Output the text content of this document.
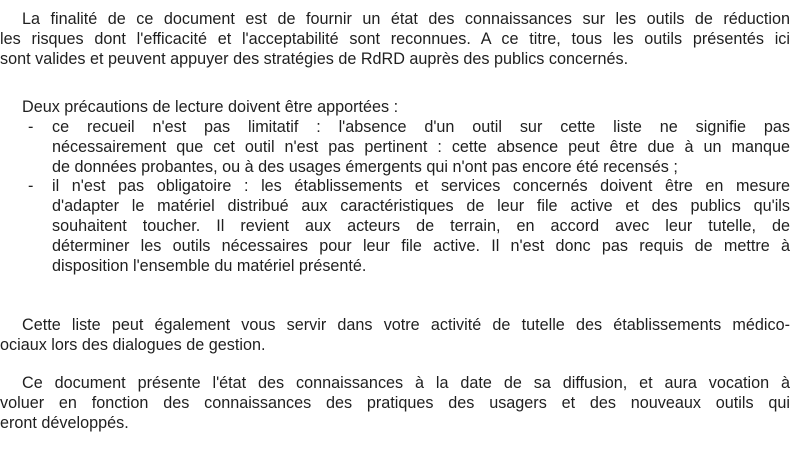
La finalité de ce document est de fournir un état des connaissances sur les outils de réduction
les risques dont l'efficacité et l'acceptabilité sont reconnues. A ce titre, tous les outils présentés ici
sont valides et peuvent appuyer des stratégies de RdRD auprès des publics concernés.

Deux précautions de lecture doivent être apportées :

- ce recueil n'est pas limitatif : l'absence d'un outil sur cette liste ne signifie pas
nécessairement que cet outil n'est pas pertinent : cette absence peut être due à un manque
de données probantes, ou à des usages émergents qui n'ont pas encore été recensés ;
- il n'est pas obligatoire : les établissements et services concernés doivent être en mesure
d'adapter le matériel distribué aux caractéristiques de leur file active et des publics qu'ils
souhaitent toucher. Il revient aux acteurs de terrain, en accord avec leur tutelle, de
déterminer les outils nécessaires pour leur file active. Il n'est donc pas requis de mettre à
disposition l'ensemble du matériel présenté.

Cette liste peut également vous servir dans votre activité de tutelle des établissements médico-
ociaux lors des dialogues de gestion.

Ce document présente l'état des connaissances à la date de sa diffusion, et aura vocation à
voluer en fonction des connaissances des pratiques des usagers et des nouveaux outils qui
eront développés.
